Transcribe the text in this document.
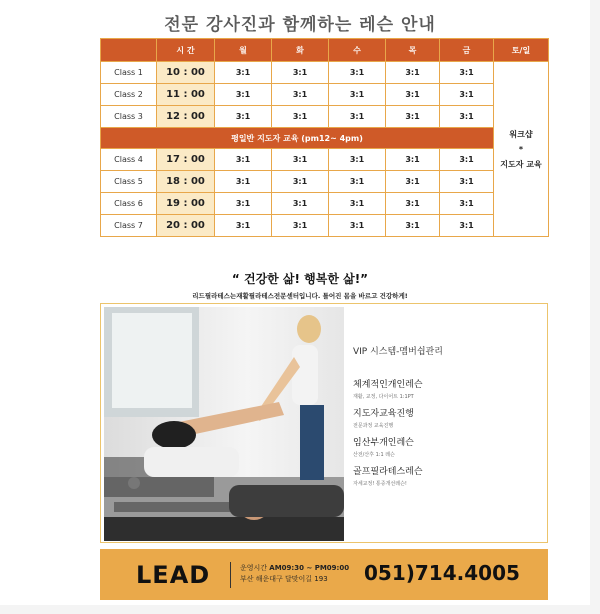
전문 강사진과 함께하는 레슨 안내
	시 간	월	화	수	목	금	토/일
Class 1	10 : 00	3:1	3:1	3:1	3:1	3:1	워크샵
*
지도자 교육

Class 2	11 : 00	3:1	3:1	3:1	3:1	3:1	
Class 3	12 : 00	3:1	3:1	3:1	3:1	3:1	
평일반 지도자 교육 (pm12~ 4pm)							
Class 4	17 : 00	3:1	3:1	3:1	3:1	3:1	
Class 5	18 : 00	3:1	3:1	3:1	3:1	3:1	
Class 6	19 : 00	3:1	3:1	3:1	3:1	3:1	
Class 7	20 : 00	3:1	3:1	3:1	3:1	3:1	
“ 건강한 삶! 행복한 삶!”
리드필라테스는재활필라테스전문센터입니다. 틀어진 몸을 바르고 건강하게!
VIP 시스템-멤버쉽관리
체계적인개인레슨
재활, 교정, 다이어트 1:1PT
지도자교육진행
전문과정 교육진행
임산부개인레슨
산전/산후 1:1 레슨
골프필라테스레슨
자세교정! 통증개선레슨!
LEAD	운영시간 AM09:30 ~ PM09:00
부산 해운대구 달맞이길 193	051)714.4005
